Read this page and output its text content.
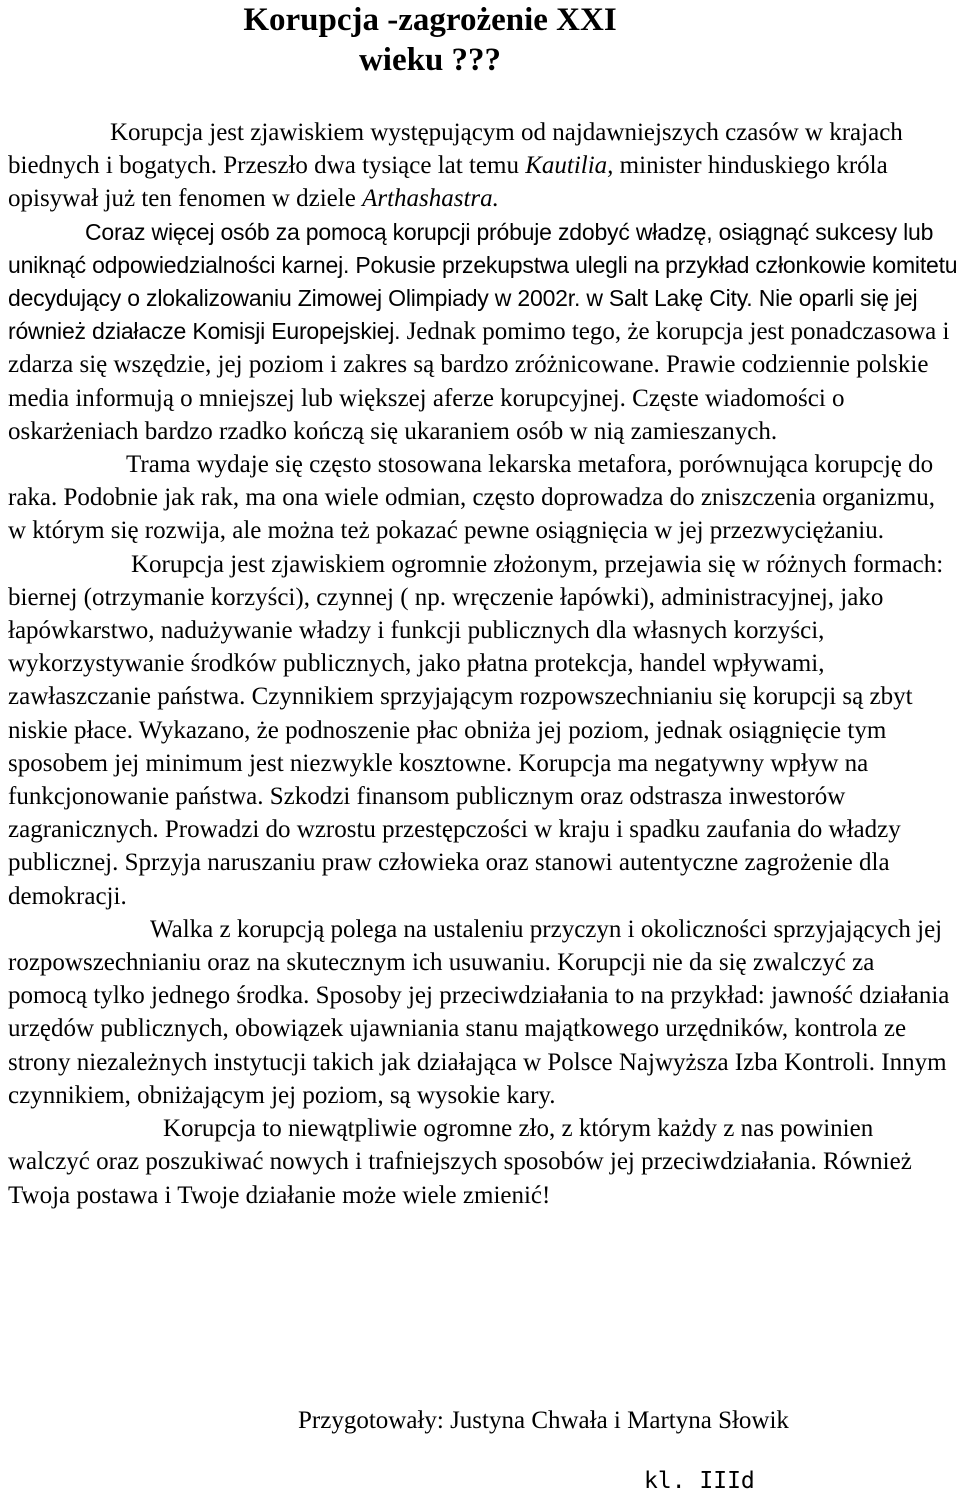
Korupcja -zagrożenie XXI
wieku ???

Korupcja jest zjawiskiem występującym od najdawniejszych czasów w krajach biednych i bogatych. Przeszło dwa tysiące lat temu Kautilia, minister hinduskiego króla opisywał już ten fenomen w dziele Arthashastra.

Coraz więcej osób za pomocą korupcji próbuje zdobyć władzę, osiągnąć sukcesy lub uniknąć odpowiedzialności karnej. Pokusie przekupstwa ulegli na przykład członkowie komitetu decydujący o zlokalizowaniu Zimowej Olimpiady w 2002r. w Salt Lakę City. Nie oparli się jej również działacze Komisji Europejskiej. Jednak pomimo tego, że korupcja jest ponadczasowa i zdarza się wszędzie, jej poziom i zakres są bardzo zróżnicowane. Prawie codziennie polskie media informują o mniejszej lub większej aferze korupcyjnej. Częste wiadomości o oskarżeniach bardzo rzadko kończą się ukaraniem osób w nią zamieszanych.

Trama wydaje się często stosowana lekarska metafora, porównująca korupcję do raka. Podobnie jak rak, ma ona wiele odmian, często doprowadza do zniszczenia organizmu, w którym się rozwija, ale można też pokazać pewne osiągnięcia w jej przezwyciężaniu.

Korupcja jest zjawiskiem ogromnie złożonym, przejawia się w różnych formach: biernej (otrzymanie korzyści), czynnej ( np. wręczenie łapówki), administracyjnej, jako łapówkarstwo, nadużywanie władzy i funkcji publicznych dla własnych korzyści, wykorzystywanie środków publicznych, jako płatna protekcja, handel wpływami, zawłaszczanie państwa. Czynnikiem sprzyjającym rozpowszechnianiu się korupcji są zbyt niskie płace. Wykazano, że podnoszenie płac obniża jej poziom, jednak osiągnięcie tym sposobem jej minimum jest niezwykle kosztowne. Korupcja ma negatywny wpływ na funkcjonowanie państwa. Szkodzi finansom publicznym oraz odstrasza inwestorów zagranicznych. Prowadzi do wzrostu przestępczości w kraju i spadku zaufania do władzy publicznej. Sprzyja naruszaniu praw człowieka oraz stanowi autentyczne zagrożenie dla demokracji.

Walka z korupcją polega na ustaleniu przyczyn i okoliczności sprzyjających jej rozpowszechnianiu oraz na skutecznym ich usuwaniu. Korupcji nie da się zwalczyć za pomocą tylko jednego środka. Sposoby jej przeciwdziałania to na przykład: jawność działania urzędów publicznych, obowiązek ujawniania stanu majątkowego urzędników, kontrola ze strony niezależnych instytucji takich jak działająca w Polsce Najwyższa Izba Kontroli. Innym czynnikiem, obniżającym jej poziom, są wysokie kary.

Korupcja to niewątpliwie ogromne zło, z którym każdy z nas powinien walczyć oraz poszukiwać nowych i trafniejszych sposobów jej przeciwdziałania. Również Twoja postawa i Twoje działanie może wiele zmienić!

Przygotowały: Justyna Chwała i Martyna Słowik

kl. IIId
